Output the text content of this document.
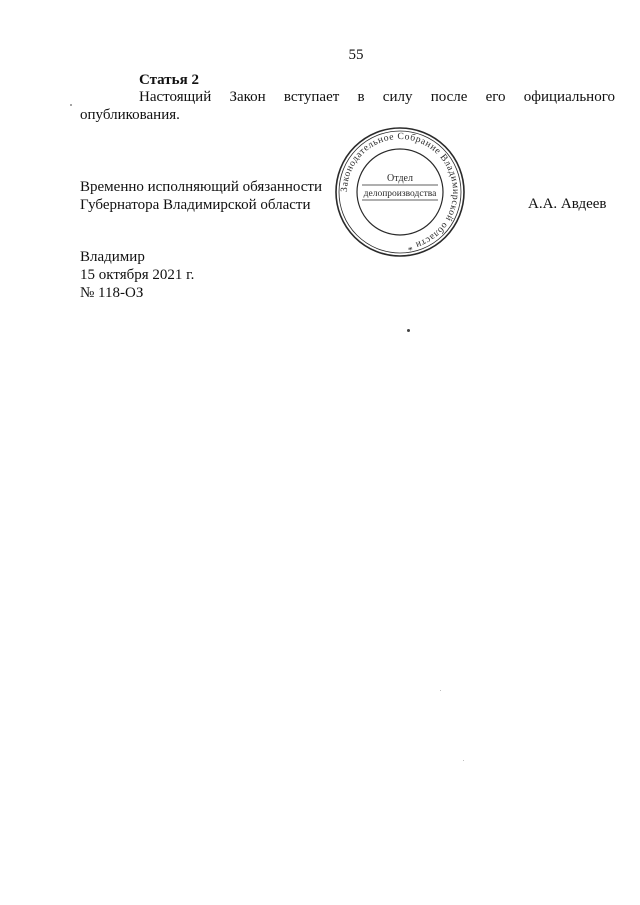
55
Статья 2
Настоящий Закон вступает в силу после его официального
опубликования.
Временно исполняющий обязанности
Губернатора Владимирской области	А.А. Авдеев
Законодательное Собрание Владимирской области *
Отдел
делопроизводства
Владимир
15 октября 2021 г.
№ 118-ОЗ
